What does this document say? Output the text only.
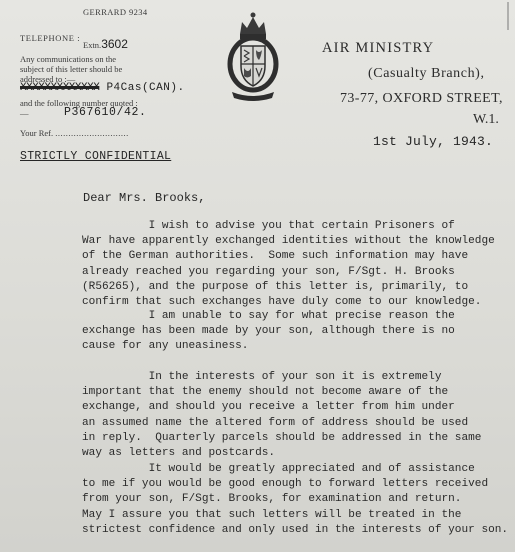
GERRARD 9234
TELEPHONE :
Extn.3602
Any communications on the subject of this letter should be addressed to :—
XXXXXXXXXXXXX P4Cas(CAN).
and the following number quoted :—	P367610/42.
Your Ref. ............................
AIR MINISTRY
(Casualty Branch),
73-77, OXFORD STREET,
W.1.
1st July, 1943.
STRICTLY CONFIDENTIAL
Dear Mrs. Brooks,
I wish to advise you that certain Prisoners of
War have apparently exchanged identities without the knowledge
of the German authorities.  Some such information may have
already reached you regarding your son, F/Sgt. H. Brooks
(R56265), and the purpose of this letter is, primarily, to
confirm that such exchanges have duly come to our knowledge.
I am unable to say for what precise reason the
exchange has been made by your son, although there is no
cause for any uneasiness.
In the interests of your son it is extremely
important that the enemy should not become aware of the
exchange, and should you receive a letter from him under
an assumed name the altered form of address should be used
in reply.  Quarterly parcels should be addressed in the same
way as letters and postcards.
It would be greatly appreciated and of assistance
to me if you would be good enough to forward letters received
from your son, F/Sgt. Brooks, for examination and return.
May I assure you that such letters will be treated in the
strictest confidence and only used in the interests of your son.
